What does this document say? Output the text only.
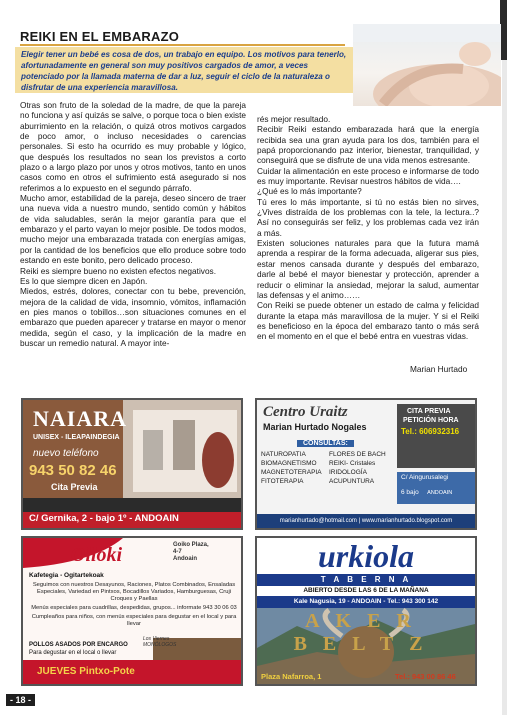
REIKI EN EL EMBARAZO
Elegir tener un bebé es cosa de dos, un trabajo en equipo. Los motivos para tenerlo, afortunadamente en general son muy positivos cargados de amor, a veces potenciado por la llamada materna de dar a luz, seguir el ciclo de la naturaleza o disfrutar de una experiencia maravillosa.

Otras son fruto de la soledad de la madre, de que la pareja no funciona y así quizás se salve, o porque toca o bien existe aburrimiento en la relación, o quizá otros motivos cargados de poco amor, o incluso necesidades o carencias personales. Si esto ha ocurrido es muy probable y lógico, que después los resultados no sean los previstos a corto plazo o a largo plazo por unos y otros motivos, tanto en unos casos como en otros el sufrimiento está asegurado si nos referimos a lo expuesto en el segundo párrafo.

Mucho amor, estabilidad de la pareja, deseo sincero de traer una nueva vida a nuestro mundo, sentido común y hábitos de vida saludables, serán la mejor garantía para que el embarazo y el parto vayan lo mejor posible. De todos modos, mucho mejor una embarazada tratada con energías amigas, por la cantidad de los beneficios que ello produce sobre todo estando en este bonito, pero delicado proceso.

Reiki es siempre bueno no existen efectos negativos.

Es lo que siempre dicen en Japón.

Miedos, estrés, dolores, conectar con tu bebe, prevención, mejora de la calidad de vida, insomnio, vómitos, inflamación en pies manos o tobillos…son situaciones comunes en el embarazo que pueden aparecer y tratarse en mayor o menor medida, según el caso, y la implicación de la madre en buscar un remedio natural. A mayor inte-

rés mejor resultado.

Recibir Reiki estando embarazada hará que la energía recibida sea una gran ayuda para los dos, también para el papá proporcionando paz interior, bienestar, tranquilidad, y conseguirá que se disfrute de una vida menos estresante.

Cuidar la alimentación en este proceso e informarse de todo es muy importante. Revisar nuestros hábitos de vida….

¿Qué es lo más importante?

Tú eres lo más importante, si tú no estás bien no sirves, ¿Vives distraída de los problemas con la tele, la lectura..?Así no conseguirás ser feliz, y los problemas cada vez irán a más.

Existen soluciones naturales para que la futura mamá aprenda a respirar de la forma adecuada, aligerar sus pies, estar menos cansada durante y después del embarazo, darle al bebé el mayor bienestar y protección, aprender a reducir o eliminar la ansiedad, mejorar la salud, aumentar las defensas y el animo……

Con Reiki se puede obtener un estado de calma y felicidad durante la etapa más maravillosa de la mujer. Y si el Reiki es beneficioso en la época del embarazo tanto o más será en el momento en el que el bebé entra en vuestras vidas.

Marian Hurtado
NAIARA
UNISEX - ILEAPAINDEGIA
nuevo teléfono
943 50 82 46
Cita Previa
C/ Gernika, 2 - bajo 1º - ANDOAIN
Centro Uraitz
Marian Hurtado Nogales
CITA PREVIA
PETICIÓN HORA
Tel.: 606932316
CONSULTAS:
NATUROPATIA
BIOMAGNETISMO
MAGNETOTERAPIA
FITOTERAPIA
FLORES DE BACH
REIKI- Cristales
IRIDOLOGÍA
ACUPUNTURA
C/ Aingurusalegi
6 bajo ANDOAIN
marianhurtado@hotmail.com | www.marianhurtado.blogspot.com
Olloki	Goiko Plaza,
4-7
Andoain
Kafetegia - Ogitartekoak
Seguimos con nuestros Desayunos, Raciones, Platos Combinados, Ensaladas Especiales, Variedad en Pintxos, Bocadillos Variados, Hamburguesas, Cruji Croques y Paellas
Menús especiales para cuadrillas, despedidas, grupos... informate 943 30 06 03
Cumpleaños para niños, con menús especiales para degustar en el local y para llevar
POLLOS ASADOS POR ENCARGO
Para degustar en el local o llevar
Los Viernes MONÓLOGOS
JUEVES Pintxo-Pote
urkiola
T A B E R N A
ABIERTO DESDE LAS 6 DE LA MAÑANA
Kale Nagusia, 19 - ANDOAIN - Tel.: 943 300 142
AKER BELTZ
Plaza Nafarroa, 1	Tel.: 943 00 86 46
- 18 -
